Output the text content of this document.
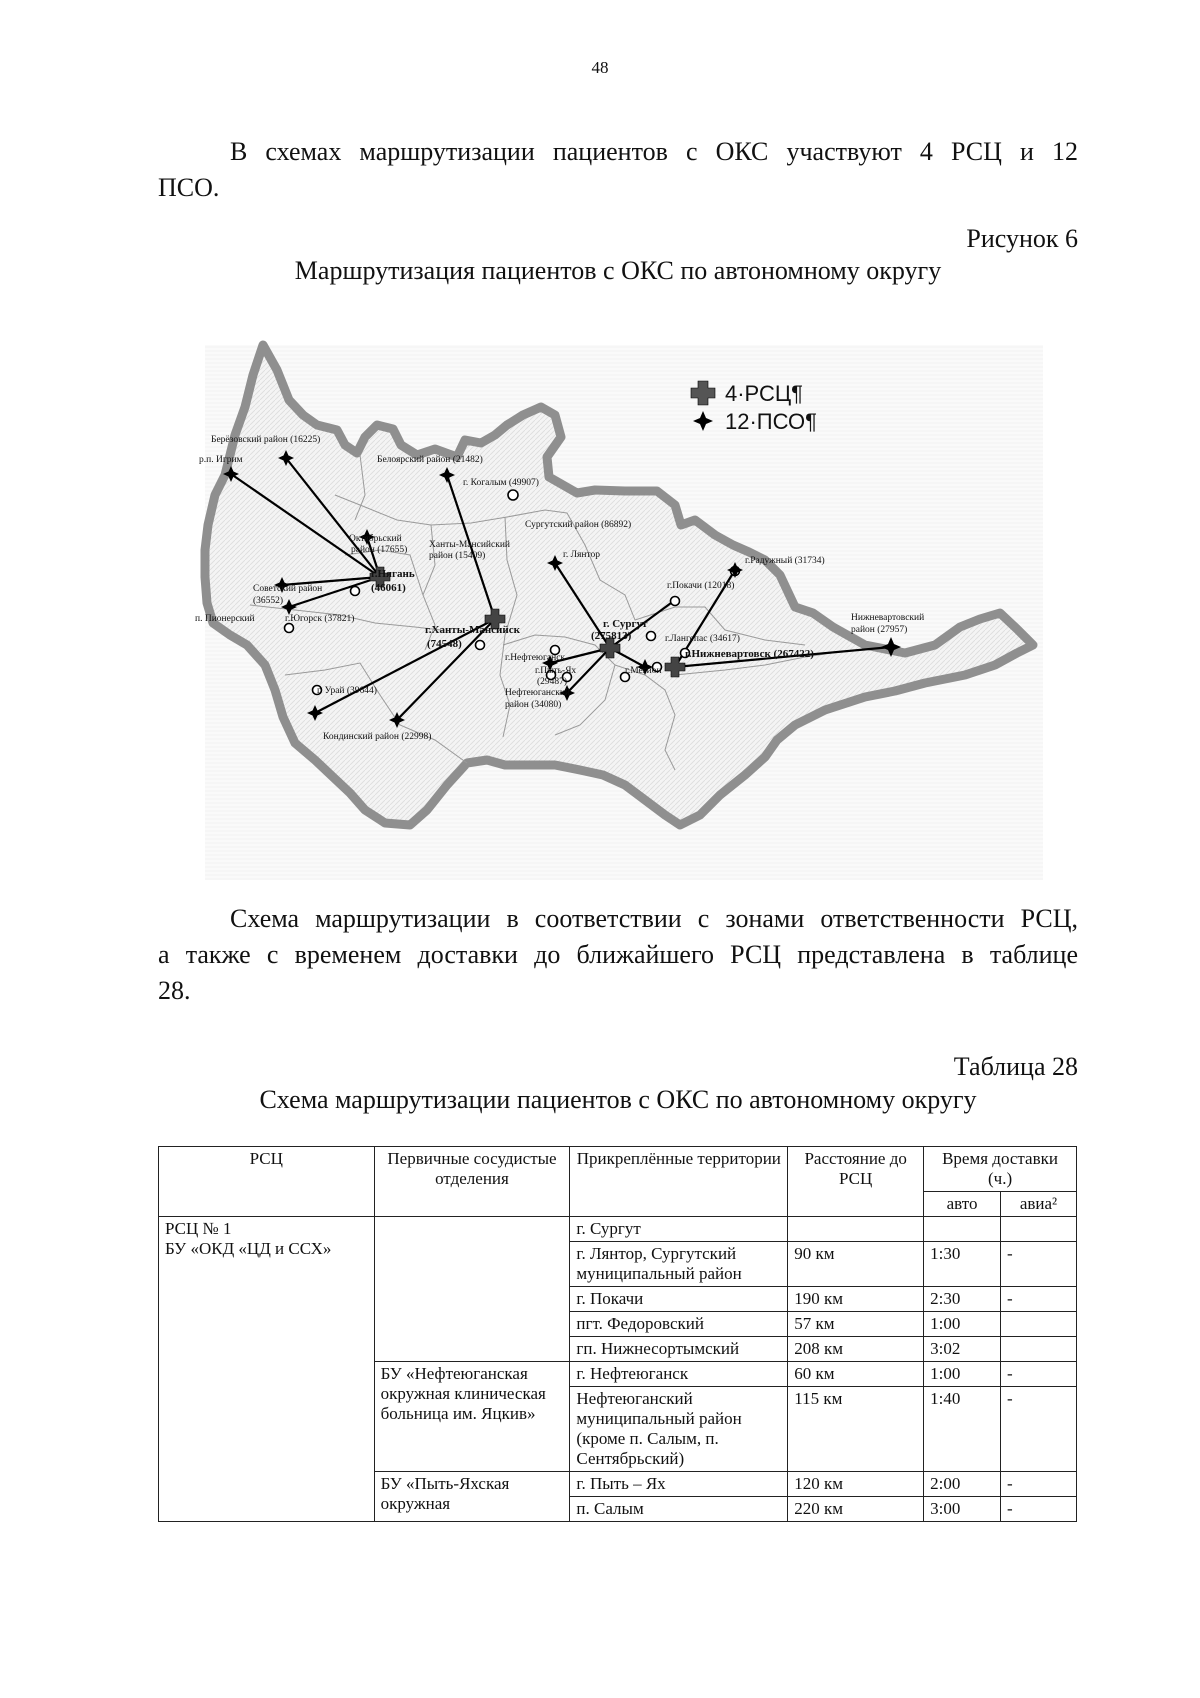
48
В схемах маршрутизации пациентов с ОКС участвуют 4 РСЦ и 12
ПСО.
Рисунок 6
Маршрутизация пациентов с ОКС по автономному округу
4·РСЦ¶
12·ПСО¶
Берёзовский район (16225)
р.п. Игрим	Белоярский район (21482)
г. Когалым (49907)
Сургутский район (86892)
Октябрьский
район (17655) Ханты-Мансийский
район (15409)	г. Лянтор
г.Радужный (31734)
г.Нягань
(46061)
Советский район
(36552)
г.Покачи (12018)
Нижневартовский
район (27957)
п. Пионерский	г.Югорск (37821)
г.Ханты-Мансийск
(74548)
г. Сургут
(275813)	г.Лангепас (34617)
г.Нижневартовск (267422)
г.Нефтеюганск
г.Пыть-Ях
(29487)
г.Мегион
Нефтеюганский
район (34080)
г. Урай (39644)
Кондинский район (22998)
Схема маршрутизации в соответствии с зонами ответственности РСЦ,
а также с временем доставки до ближайшего РСЦ представлена в таблице
28.
Таблица 28
Схема маршрутизации пациентов с ОКС по автономному округу
РСЦ	Первичные сосудистые отделения	Прикреплённые территории	Расстояние до РСЦ	Время доставки (ч.)	
				авто	авиа²

РСЦ № 1
БУ «ОКД «ЦД и ССХ»		г. Сургут			
		г. Лянтор, Сургутский муниципальный район	90 км	1:30	-
		г. Покачи	190 км	2:30	-
		пгт. Федоровский	57 км	1:00	
		гп. Нижнесортымский	208 км	3:02	
	БУ «Нефтеюганская окружная клиническая больница им. Яцкив»	г. Нефтеюганск	60 км	1:00	-
		Нефтеюганский муниципальный район (кроме п. Салым, п. Сентябрьский)	115 км	1:40	-
	БУ «Пыть-Яхская окружная	г. Пыть – Ях	120 км	2:00	-
		п. Салым	220 км	3:00	-
